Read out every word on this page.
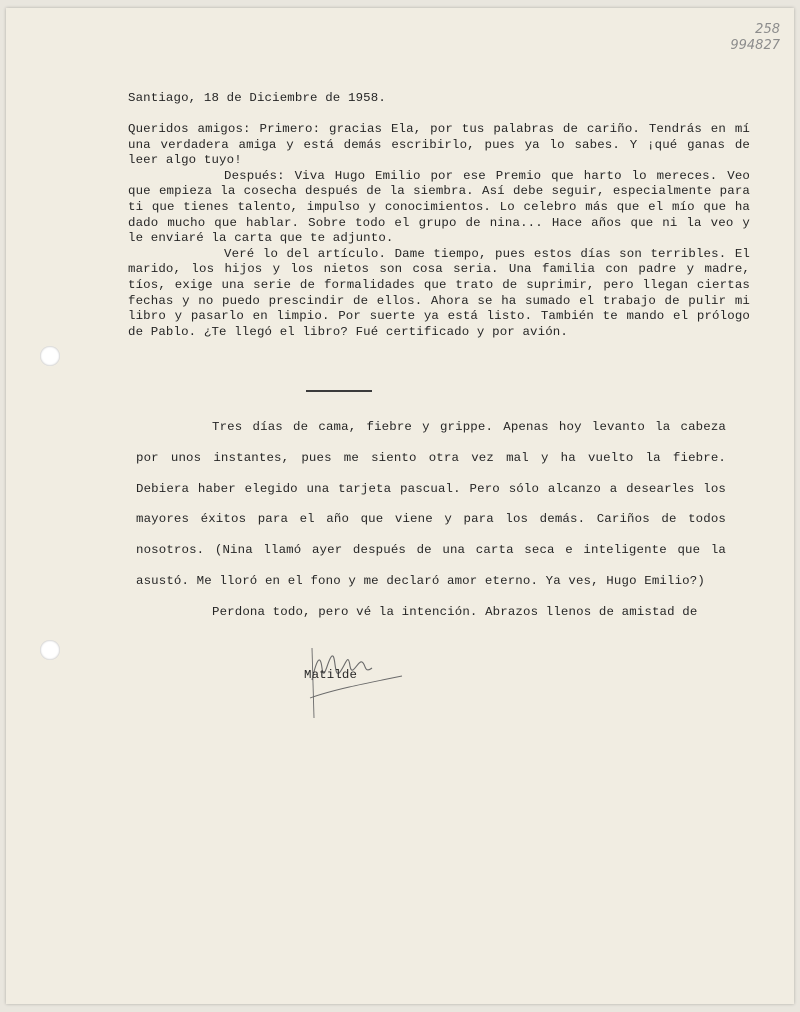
258
994827
Santiago, 18 de Diciembre de 1958.

Queridos amigos: Primero: gracias Ela, por tus palabras de cariño. Tendrás en mí una verdadera amiga y está demás escribirlo, pues ya lo sabes. Y ¡qué ganas de leer algo tuyo!

Después: Viva Hugo Emilio por ese Premio que harto lo mereces. Veo que empieza la cosecha después de la siembra. Así debe seguir, especialmente para ti que tienes talento, impulso y conocimientos. Lo celebro más que el mío que ha dado mucho que hablar. Sobre todo el grupo de nina... Hace años que ni la veo y le enviaré la carta que te adjunto.

Veré lo del artículo. Dame tiempo, pues estos días son terribles. El marido, los hijos y los nietos son cosa seria. Una familia con padre y madre, tíos, exige una serie de formalidades que trato de suprimir, pero llegan ciertas fechas y no puedo prescindir de ellos. Ahora se ha sumado el trabajo de pulir mi libro y pasarlo en limpio. Por suerte ya está listo. También te mando el prólogo de Pablo. ¿Te llegó el libro? Fué certificado y por avión.

Tres días de cama, fiebre y grippe. Apenas hoy levanto la cabeza por unos instantes, pues me siento otra vez mal y ha vuelto la fiebre. Debiera haber elegido una tarjeta pascual. Pero sólo alcanzo a desearles los mayores éxitos para el año que viene y para los demás. Cariños de todos nosotros. (Nina llamó ayer después de una carta seca e inteligente que la asustó. Me lloró en el fono y me declaró amor eterno. Ya ves, Hugo Emilio?)

Perdona todo, pero vé la intención. Abrazos llenos de amistad de

Matilde
